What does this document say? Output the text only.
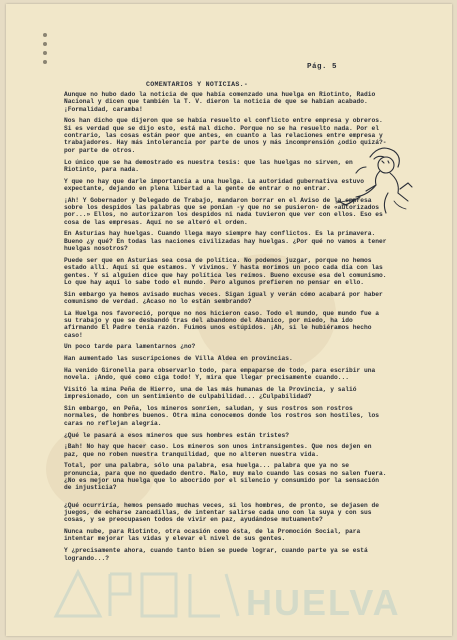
Pág. 5
COMENTARIOS Y NOTICIAS.-

Aunque no hubo dado la noticia de que había comenzado una huelga en Riotinto, Radio Nacional y dicen que también la T. V. dieron la noticia de que se habían acabado. ¡Formalidad, caramba!

Nos han dicho que dijeron que se había resuelto el conflicto entre empresa y obreros. Si es verdad que se dijo esto, está mal dicho. Porque no se ha resuelto nada. Por el contrario, las cosas están peor que antes, en cuanto a las relaciones entre empresa y trabajadores. Hay más intolerancia por parte de unos y más incomprensión ¿odio quizá?- por parte de otros.

Lo único que se ha demostrado es nuestra tesis: que las huelgas no sirven, en Riotinto, para nada.

Y que no hay que darle importancia a una huelga. La autoridad gubernativa estuvo expectante, dejando en plena libertad a la gente de entrar o no entrar.

¡Ah! Y Gobernador y Delegado de Trabajo, mandaron borrar en el Aviso de la empresa sobre los despidos las palabras que se ponían -y que no se pusieron- de «autorizados por...» Ellos, no autorizaron los despidos ni nada tuvieron que ver con ellos. Eso es cosa de las empresas. Aquí no se alteró el orden.

En Asturias hay huelgas. Cuando llega mayo siempre hay conflictos. Es la primavera. Bueno ¿y qué? En todas las naciones civilizadas hay huelgas. ¿Por qué no vamos a tener huelgas nosotros?

Puede ser que en Asturias sea cosa de política. No podemos juzgar, porque no hemos estado allí. Aquí sí que estamos. Y vivimos. Y hasta morimos un poco cada día con las gentes. Y si alguien dice que hay política les reímos. Bueno excuse esa del comunismo. Lo que hay aquí lo sabe todo el mundo. Pero algunos prefieren no pensar en ello.

Sin embargo ya hemos avisado muchas veces. Sigan igual y verán cómo acabará por haber comunismo de verdad. ¿Acaso no lo están sembrando?

La Huelga nos favoreció, porque no nos hicieron caso. Todo el mundo, que mundo fue a su trabajo y que se desbandó tras del abandono del Abanico, por miedo, ha ido afirmando El Padre tenía razón. Fuimos unos estúpidos. ¡Ah, si le hubiéramos hecho caso!

Un poco tarde para lamentarnos ¿no?

Han aumentado las suscripciones de Villa Aldea en provincias.

Ha venido Gironella para observarlo todo, para empaparse de todo, para escribir una novela. ¡Ando, qué como ciga todo! Y, mira que llegar precisamente cuando...

Visitó la mina Peña de Hierro, una de las más humanas de la Provincia, y salió impresionado, con un sentimiento de culpabilidad... ¿Culpabilidad?

Sin embargo, en Peña, los mineros sonríen, saludan, y sus rostros son rostros normales, de hombres buenos. Otra mina conocemos donde los rostros son hostiles, los caras no reflejan alegría.

¿Qué le pasará a esos mineros que sus hombres están tristes?

¡Bah! No hay que hacer caso. Los mineros son unos intransigentes. Que nos dejen en paz, que no roben nuestra tranquilidad, que no alteren nuestra vida.

Total, por una palabra, sólo una palabra, esa huelga... palabra que ya no se pronuncia, para que no quedado dentro. Malo, muy malo cuando las cosas no salen fuera. ¿No es mejor una huelga que lo abocrido por el silencio y consumido por la sensación de injusticia?

¿Qué ocurriría, hemos pensado muchas veces, si los hombres, de pronto, se dejasen de juegos, de echarse zancadillas, de intentar salirse cada uno con la suya y con sus cosas, y se preocupasen todos de vivir en paz, ayudándose mutuamente?

Nunca nube, para Riotinto, otra ocasión como ésta, de la Promoción Social, para intentar mejorar las vidas y elevar el nivel de sus gentes.

Y ¿precisamente ahora, cuando tanto bien se puede lograr, cuando parte ya se está logrando...?

HUELVA
